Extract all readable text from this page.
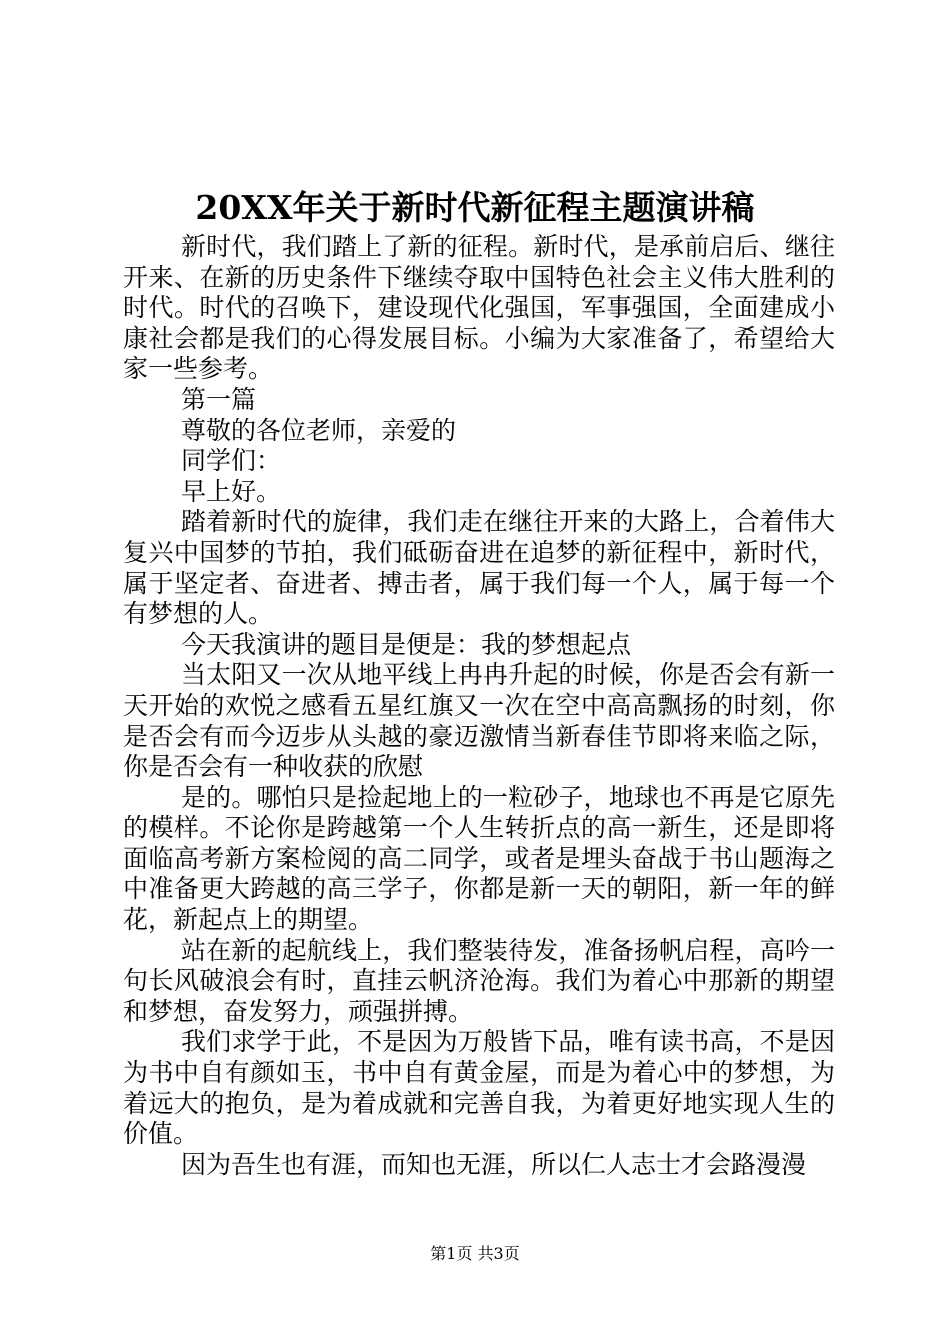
20XX年关于新时代新征程主题演讲稿

新时代，我们踏上了新的征程。新时代，是承前启后、继往开来、在新的历史条件下继续夺取中国特色社会主义伟大胜利的时代。时代的召唤下，建设现代化强国，军事强国，全面建成小康社会都是我们的心得发展目标。小编为大家准备了，希望给大家一些参考。

第一篇

尊敬的各位老师，亲爱的

同学们：

早上好。

踏着新时代的旋律，我们走在继往开来的大路上，合着伟大复兴中国梦的节拍，我们砥砺奋进在追梦的新征程中，新时代，属于坚定者、奋进者、搏击者，属于我们每一个人，属于每一个有梦想的人。

今天我演讲的题目是便是：我的梦想起点

当太阳又一次从地平线上冉冉升起的时候，你是否会有新一天开始的欢悦之感看五星红旗又一次在空中高高飘扬的时刻，你是否会有而今迈步从头越的豪迈激情当新春佳节即将来临之际，你是否会有一种收获的欣慰

是的。哪怕只是捡起地上的一粒砂子，地球也不再是它原先的模样。不论你是跨越第一个人生转折点的高一新生，还是即将面临高考新方案检阅的高二同学，或者是埋头奋战于书山题海之中准备更大跨越的高三学子，你都是新一天的朝阳，新一年的鲜花，新起点上的期望。

站在新的起航线上，我们整装待发，准备扬帆启程，高吟一句长风破浪会有时，直挂云帆济沧海。我们为着心中那新的期望和梦想，奋发努力，顽强拼搏。

我们求学于此，不是因为万般皆下品，唯有读书高，不是因为书中自有颜如玉，书中自有黄金屋，而是为着心中的梦想，为着远大的抱负，是为着成就和完善自我，为着更好地实现人生的价值。

因为吾生也有涯，而知也无涯，所以仁人志士才会路漫漫

第1页 共3页
